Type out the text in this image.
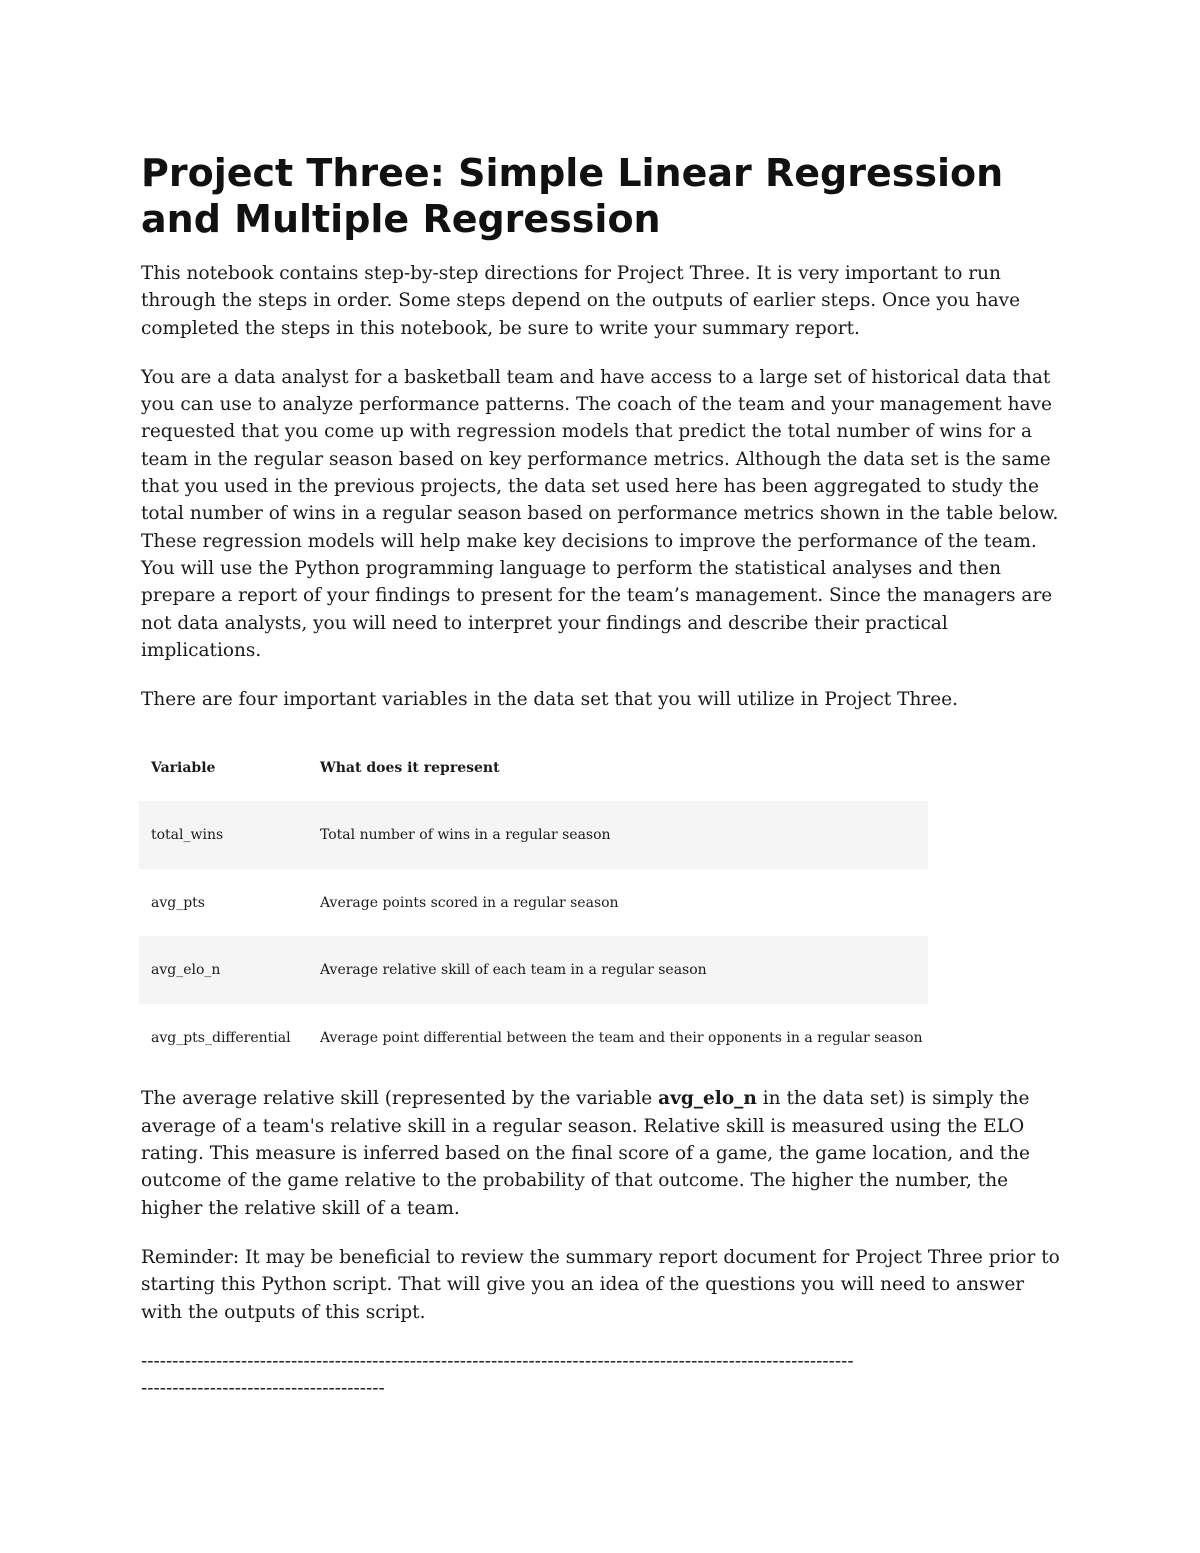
Project Three: Simple Linear Regression and Multiple Regression

This notebook contains step-by-step directions for Project Three. It is very important to run through the steps in order. Some steps depend on the outputs of earlier steps. Once you have completed the steps in this notebook, be sure to write your summary report.

You are a data analyst for a basketball team and have access to a large set of historical data that you can use to analyze performance patterns. The coach of the team and your management have requested that you come up with regression models that predict the total number of wins for a team in the regular season based on key performance metrics. Although the data set is the same that you used in the previous projects, the data set used here has been aggregated to study the total number of wins in a regular season based on performance metrics shown in the table below. These regression models will help make key decisions to improve the performance of the team. You will use the Python programming language to perform the statistical analyses and then prepare a report of your findings to present for the team’s management. Since the managers are not data analysts, you will need to interpret your findings and describe their practical implications.

There are four important variables in the data set that you will utilize in Project Three.

Variable	What does it represent
total_wins	Total number of wins in a regular season
avg_pts	Average points scored in a regular season
avg_elo_n	Average relative skill of each team in a regular season
avg_pts_differential	Average point differential between the team and their opponents in a regular season

The average relative skill (represented by the variable avg_elo_n in the data set) is simply the average of a team's relative skill in a regular season. Relative skill is measured using the ELO rating. This measure is inferred based on the final score of a game, the game location, and the outcome of the game relative to the probability of that outcome. The higher the number, the higher the relative skill of a team.

Reminder: It may be beneficial to review the summary report document for Project Three prior to starting this Python script. That will give you an idea of the questions you will need to answer with the outputs of this script.

------------------------------------------------------------------------------------------------------------------
---------------------------------------
